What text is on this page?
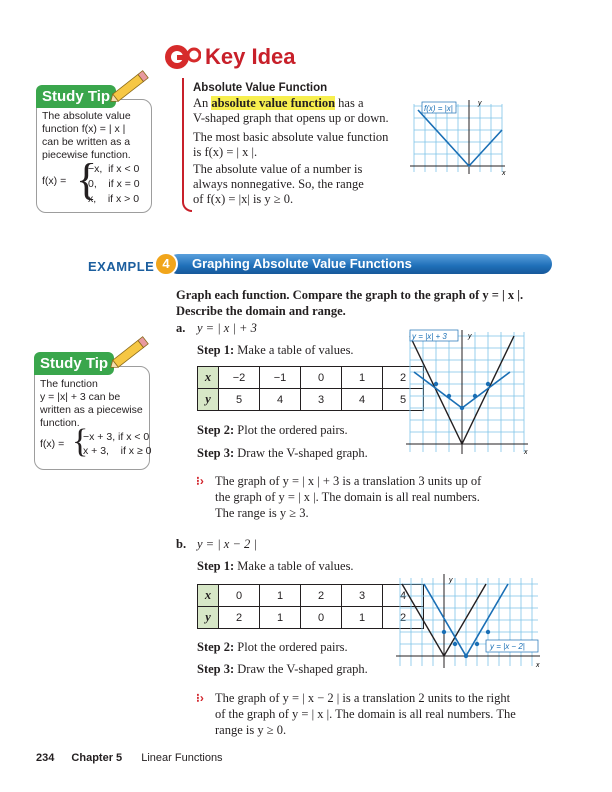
Key Idea
Absolute Value Function
An absolute value function has a
V-shaped graph that opens up or down.
The most basic absolute value function
is f(x) = | x |.
The absolute value of a number is
always nonnegative. So, the range
of f(x) = |x| is y ≥ 0.
f(x) = |x|
y
x
Study Tip
The absolute value
function f(x) = | x |
can be written as a
piecewise function.
f(x) = {
−x,  if x < 0
0,    if x = 0
x,    if x > 0
EXAMPLE 4	Graphing Absolute Value Functions
Graph each function. Compare the graph to the graph of y = | x |.
Describe the domain and range.
a. y = | x | + 3
Step 1: Make a table of values.
x	−2	−1	0	1	2
y	5	4	3	4	5
Step 2: Plot the ordered pairs.
Step 3: Draw the V-shaped graph.
⁝› The graph of y = | x | + 3 is a translation 3 units up of
the graph of y = | x |. The domain is all real numbers.
The range is y ≥ 3.
y = |x| + 3	y
x
Study Tip
The function
y = |x| + 3 can be
written as a piecewise
function.
f(x) = {
−x + 3, if x < 0
x + 3,    if x ≥ 0
b. y = | x − 2 |
Step 1: Make a table of values.
x	0	1	2	3	4
y	2	1	0	1	2
Step 2: Plot the ordered pairs.
Step 3: Draw the V-shaped graph.
⁝› The graph of y = | x − 2 | is a translation 2 units to the right
of the graph of y = | x |. The domain is all real numbers. The
range is y ≥ 0.
y = |x − 2|
y
x
234 Chapter 5 Linear Functions
